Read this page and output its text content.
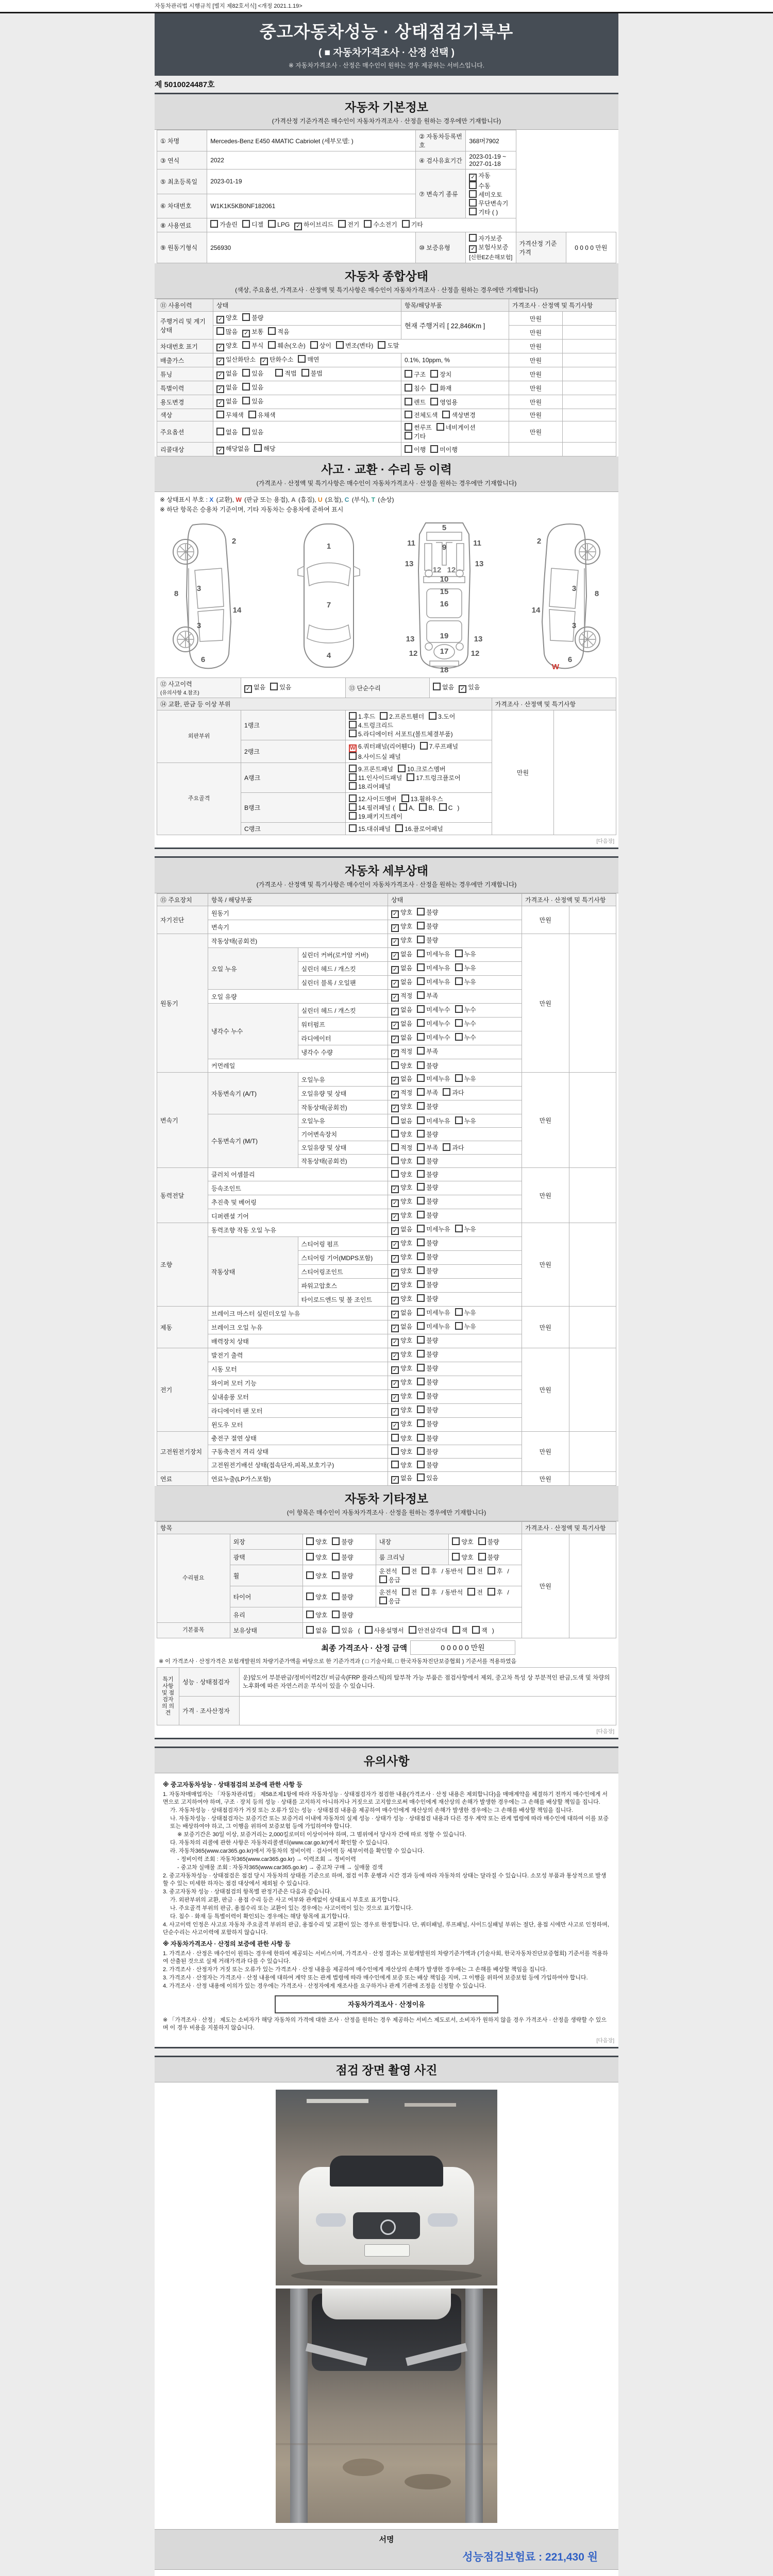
자동차관리법 시행규칙 [별지 제82호서식] <개정 2021.1.19>
중고자동차성능 · 상태점검기록부
( ■ 자동차가격조사 · 산정 선택 )
※ 자동차가격조사 · 산정은 매수인이 원하는 경우 제공하는 서비스입니다.
제 5010024487호
자동차 기본정보
(가격산정 기준가격은 매수인이 자동차가격조사 · 산정을 원하는 경우에만 기재합니다)
① 차명	Mercedes-Benz E450 4MATIC Cabriolet (세부모델: )	② 자동차등록번호	368머7902		
③ 연식	2022	④ 검사유효기간	2023-01-19 ~ 2027-01-18		
⑤ 최초등록일	2023-01-19	⑦ 변속기 종류	✓ 자동수동세미오토
무단변속기기타 ( )		

⑥ 차대번호	W1K1K5KB0NF182061				
⑧ 사용연료	가솔린 디젤 LPG ✓ 하이브리드 전기 수소전기 기타				
⑨ 원동기형식	256930	⑩ 보증유형	자가보증✓ 보험사보증 [신한EZ손해보험]	가격산정 기준가격	0 0 0 0 만원
자동차 종합상태
(색상, 주요옵션, 가격조사 · 산정액 및 특기사항은 매수인이 자동차가격조사 · 산정을 원하는 경우에만 기재합니다)
⑪ 사용이력	상태	항목/해당부품	가격조사 · 산정액 및 특기사항	
주행거리 및 계기상태	✓ 양호 불량	현재 주행거리 [ 22,846Km ]	만원	
	많음 ✓ 보통 적음		만원	
차대번호 표기	✓ 양호 부식 훼손(오손) 상이 변조(변타) 도말		만원	
배출가스	✓ 일산화탄소 ✓ 탄화수소 매연	0.1%, 10ppm, %	만원	
튜닝	✓ 없음 있음 적법 불법	구조 장치	만원	
특별이력	✓ 없음 있음	침수 화재	만원	
용도변경	✓ 없음 있음	렌트 영업용	만원	
색상	무채색 유채색	전체도색 색상변경	만원	
주요옵션	없음 있음	썬루프 네비게이션기타	만원	
리콜대상	✓ 해당없음 해당	이행 미이행		
사고 · 교환 · 수리 등 이력
(가격조사 · 산정액 및 특기사항은 매수인이 자동차가격조사 · 산정을 원하는 경우에만 기재합니다)
※ 상태표시 부호 : X (교환), W (판금 또는 용접), A (흠집), U (요철), C (부식), T (손상)
※ 하단 항목은 승용차 기준이며, 기타 자동차는 승용차에 준하여 표시
2
8
3
14
3
6
1
7
4
5
9
11	11
13
12 12
13
10
15
16
13	19	13
12	17	12
18
2
8
3
14
3
6
W
⑫ 사고이력
(유의사항 4.참조)	✓ 없음 있음	⑬ 단순수리	없음 ✓ 있음		
⑭ 교환, 판금 등 이상 부위				가격조사 · 산정액 및 특기사항	
외판부위	1랭크	1.후드 2.프론트휀더 3.도어4.트렁크리드5.라디에이터 서포트(볼트체결부품)		만원	
	2랭크	W 6.쿼터패널(리어휀다) 7.루프패널8.사이드실 패널			
주요골격	A랭크	9.프론트패널 10.크로스멤버11.인사이드패널 17.트렁크플로어18.리어패널			
	B랭크	12.사이드멤버 13.휠하우스14.필러패널 ( A, B, C )19.패키지트레이			
	C랭크	15.대쉬패널 16.플로어패널			
[다음장]
자동차 세부상태
(가격조사 · 산정액 및 특기사항은 매수인이 자동차가격조사 · 산정을 원하는 경우에만 기재합니다)
⑮ 주요장치	항목 / 해당부품		상태	가격조사 · 산정액 및 특기사항	
자기진단	원동기		✓ 양호 불량	만원	
	변속기		✓ 양호 불량		
원동기	작동상태(공회전)		✓ 양호 불량	만원	
	오일 누유	실린더 커버(로커암 커버)	✓ 없음 미세누유 누유		
		실린더 헤드 / 개스킷	✓ 없음 미세누유 누유		
		실린더 블록 / 오일팬	✓ 없음 미세누유 누유		
	오일 유량		✓ 적정 부족		
	냉각수 누수	실린더 헤드 / 개스킷	✓ 없음 미세누수 누수		
		워터펌프	✓ 없음 미세누수 누수		
		라디에이터	✓ 없음 미세누수 누수		
		냉각수 수량	✓ 적정 부족		
	커먼레일		양호 불량		
변속기	자동변속기 (A/T)	오일누유	✓ 없음 미세누유 누유	만원	
		오일유량 및 상태	✓ 적정 부족 과다		
		작동상태(공회전)	✓ 양호 불량		
	수동변속기 (M/T)	오일누유	없음 미세누유 누유		
		기어변속장치	양호 불량		
		오일유량 및 상태	적정 부족 과다		
		작동상태(공회전)	양호 불량		
동력전달	클러치 어셈블리		양호 불량	만원	
	등속조인트		✓ 양호 불량		
	추진축 및 베어링		✓ 양호 불량		
	디퍼렌셜 기어		✓ 양호 불량		
조향	동력조향 작동 오일 누유		✓ 없음 미세누유 누유	만원	
	작동상태	스티어링 펌프	✓ 양호 불량		
		스티어링 기어(MDPS포함)	✓ 양호 불량		
		스티어링조인트	✓ 양호 불량		
		파워고압호스	✓ 양호 불량		
		타이로드엔드 및 볼 조인트	✓ 양호 불량		
제동	브레이크 마스터 실린더오일 누유		✓ 없음 미세누유 누유	만원	
	브레이크 오일 누유		✓ 없음 미세누유 누유		
	배력장치 상태		✓ 양호 불량		
전기	발전기 출력		✓ 양호 불량	만원	
	시동 모터		✓ 양호 불량		
	와이퍼 모터 기능		✓ 양호 불량		
	실내송풍 모터		✓ 양호 불량		
	라디에이터 팬 모터		✓ 양호 불량		
	윈도우 모터		✓ 양호 불량		
고전원전기장치	충전구 절연 상태		양호 불량	만원	
	구동축전지 격리 상태		양호 불량		
	고전원전기배선 상태(접속단자,피복,보호기구)		양호 불량		
연료	연료누출(LP가스포함)		✓ 없음 있음	만원	
자동차 기타정보
(이 항목은 매수인이 자동차가격조사 · 산정을 원하는 경우에만 기재합니다)
항목					가격조사 · 산정액 및 특기사항	
수리필요	외장	양호 불량	내장	양호 불량	만원	
	광택	양호 불량	룸 크리닝	양호 불량		
	휠	양호 불량	운전석 전 후 / 동반석 전 후 /응급			
	타이어	양호 불량	운전석 전 후 / 동반석 전 후 /응급			
	유리	양호 불량				
기본품목	보유상태	없음 있음 ( 사용설명서 안전삼각대 잭 잭 )				
최종 가격조사 · 산정 금액	0 0 0 0 0 만원	
※ 이 가격조사 · 산정가격은 보험개발원의 차량기준가액을 바탕으로 한 기준가격과 ( □ 기술사회, □ 한국자동차진단보증협회 ) 기준서를 적용하였음
특기사항 및 점검자의 의견	성능 · 상태점검자	운)앞도어 부분판금/정비이력2건/ 비금속(FRP 플라스틱)의 탈부착 가능 부품은 점검사항에서 제외, 중고차 특성 상 부분적인 판금,도색 및 차량의 노후화에 따른 자연스러운 부식이 있을 수 있습니다.
	가격 · 조사산정자	
[다음장]
유의사항
※ 중고자동차성능 · 상태점검의 보증에 관한 사항 등
1. 자동차매매업자는 「자동차관리법」 제58조제1항에 따라 자동차성능 · 상태점검자가 점검한 내용(가격조사 · 산정 내용은 제외합니다)을 매매계약을 체결하기 전까지 매수인에게 서면으로 고지하여야 하며, 구조 · 장치 등의 성능 · 상태를 고지하지 아니하거나 거짓으로 고지함으로써 매수인에게 재산상의 손해가 발생한 경우에는 그 손해를 배상할 책임을 집니다.
가. 자동차성능 · 상태점검자가 거짓 또는 오류가 있는 성능 · 상태점검 내용을 제공하여 매수인에게 재산상의 손해가 발생한 경우에는 그 손해를 배상할 책임을 집니다.
나. 자동차성능 · 상태점검자는 보증기간 또는 보증거리 이내에 자동차의 실제 성능 · 상태가 성능 · 상태점검 내용과 다른 경우 계약 또는 관계 법령에 따라 매수인에 대하여 이를 보증 또는 배상하여야 하고, 그 이행을 위하여 보증보험 등에 가입하여야 합니다.
※ 보증기간은 30일 이상, 보증거리는 2,000킬로미터 이상이어야 하며, 그 범위에서 당사자 간에 따로 정할 수 있습니다.
다. 자동차의 리콜에 관한 사항은 자동차리콜센터(www.car.go.kr)에서 확인할 수 있습니다.
라. 자동차365(www.car365.go.kr)에서 자동차의 정비이력 · 검사이력 등 세부이력을 확인할 수 있습니다.
- 정비이력 조회 : 자동차365(www.car365.go.kr) → 이력조회 → 정비이력
- 중고차 실매물 조회 : 자동차365(www.car365.go.kr) → 중고차 구매 → 실매물 검색
2. 중고자동차성능 · 상태점검은 점검 당시 자동차의 상태를 기준으로 하며, 점검 이후 운행과 시간 경과 등에 따라 자동차의 상태는 달라질 수 있습니다. 소모성 부품과 통상적으로 발생할 수 있는 미세한 하자는 점검 대상에서 제외될 수 있습니다.
3. 중고자동차 성능 · 상태점검의 항목별 판정기준은 다음과 같습니다.
가. 외판부위의 교환, 판금 · 용접 수리 등은 사고 여부와 관계없이 상태표시 부호로 표기합니다.
나. 주요골격 부위의 판금, 용접수리 또는 교환이 있는 경우에는 사고이력이 있는 것으로 표기합니다.
다. 침수 · 화재 등 특별이력이 확인되는 경우에는 해당 항목에 표기합니다.
4. 사고이력 인정은 사고로 자동차 주요골격 부위의 판금, 용접수리 및 교환이 있는 경우로 한정합니다. 단, 쿼터패널, 루프패널, 사이드실패널 부위는 절단, 용접 시에만 사고로 인정하며, 단순수리는 사고이력에 포함하지 않습니다.
※ 자동차가격조사 · 산정의 보증에 관한 사항 등
1. 가격조사 · 산정은 매수인이 원하는 경우에 한하여 제공되는 서비스이며, 가격조사 · 산정 결과는 보험개발원의 차량기준가액과 (기술사회, 한국자동차진단보증협회) 기준서를 적용하여 산출된 것으로 실제 거래가격과 다를 수 있습니다.
2. 가격조사 · 산정자가 거짓 또는 오류가 있는 가격조사 · 산정 내용을 제공하여 매수인에게 재산상의 손해가 발생한 경우에는 그 손해를 배상할 책임을 집니다.
3. 가격조사 · 산정자는 가격조사 · 산정 내용에 대하여 계약 또는 관계 법령에 따라 매수인에게 보증 또는 배상 책임을 지며, 그 이행을 위하여 보증보험 등에 가입하여야 합니다.
4. 가격조사 · 산정 내용에 이의가 있는 경우에는 가격조사 · 산정자에게 재조사를 요구하거나 관계 기관에 조정을 신청할 수 있습니다.
자동차가격조사 · 산정이유
※ 「가격조사 · 산정」 제도는 소비자가 해당 자동차의 가격에 대한 조사 · 산정을 원하는 경우 제공하는 서비스 제도로서, 소비자가 원하지 않을 경우 가격조사 · 산정을 생략할 수 있으며 이 경우 비용을 지불하지 않습니다.
[다음장]
점검 장면 촬영 사진
서명
성능점검보험료 : 221,430 원
